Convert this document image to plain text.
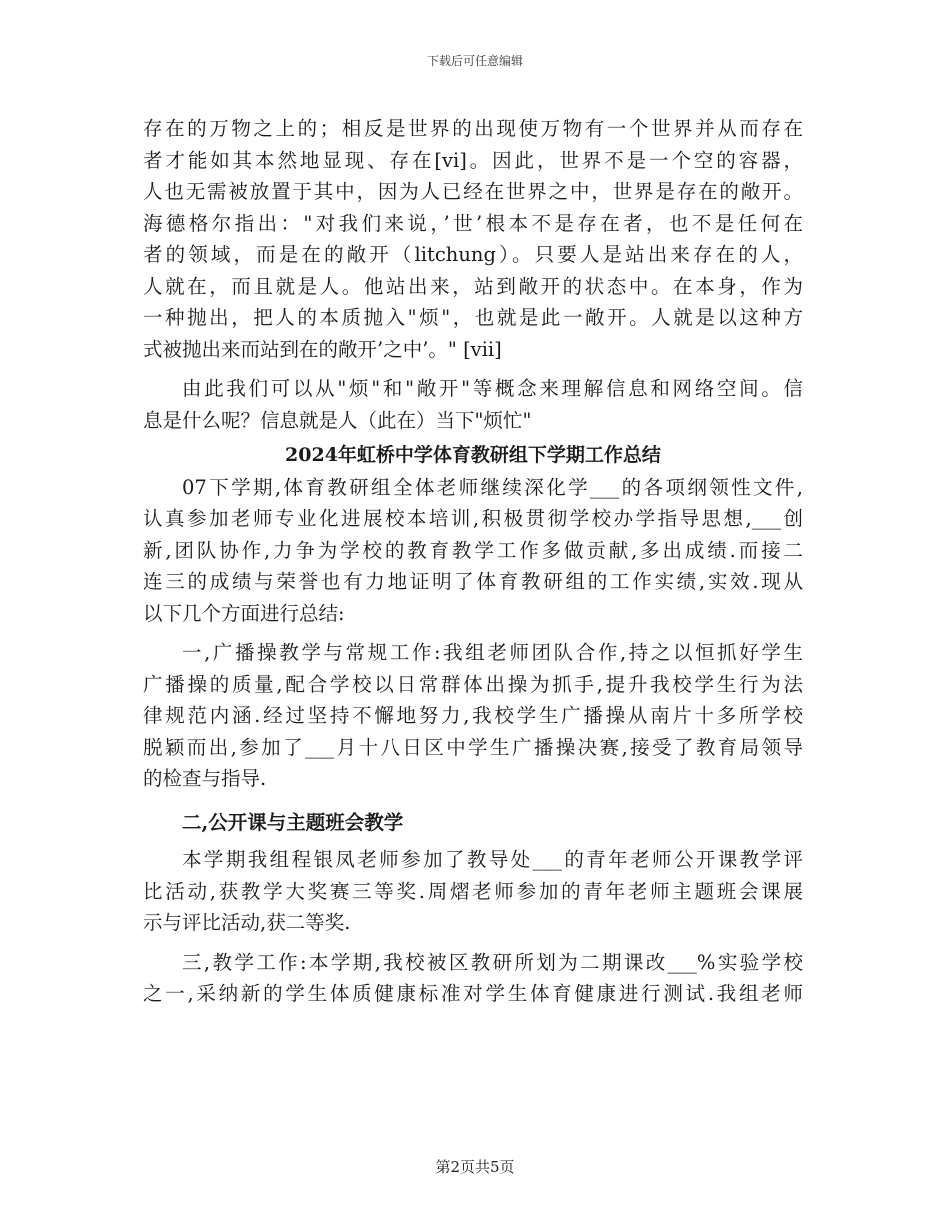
下载后可任意编辑
存在的万物之上的；相反是世界的出现使万物有一个世界并从而存在
者才能如其本然地显现、存在[vi]。因此，世界不是一个空的容器，
人也无需被放置于其中，因为人已经在世界之中，世界是存在的敞开。
海德格尔指出："对我们来说，’世’根本不是存在者，也不是任何在
者的领域，而是在的敞开（litchung）。只要人是站出来存在的人，
人就在，而且就是人。他站出来，站到敞开的状态中。在本身，作为
一种抛出，把人的本质抛入"烦"，也就是此一敞开。人就是以这种方
式被抛出来而站到在的敞开’之中’。" [vii]
由此我们可以从"烦"和"敞开"等概念来理解信息和网络空间。信
息是什么呢？信息就是人（此在）当下"烦忙"
2024年虹桥中学体育教研组下学期工作总结
07下学期,体育教研组全体老师继续深化学___的各项纲领性文件,
认真参加老师专业化进展校本培训,积极贯彻学校办学指导思想,___创
新,团队协作,力争为学校的教育教学工作多做贡献,多出成绩.而接二
连三的成绩与荣誉也有力地证明了体育教研组的工作实绩,实效.现从
以下几个方面进行总结:
一,广播操教学与常规工作:我组老师团队合作,持之以恒抓好学生
广播操的质量,配合学校以日常群体出操为抓手,提升我校学生行为法
律规范内涵.经过坚持不懈地努力,我校学生广播操从南片十多所学校
脱颖而出,参加了___月十八日区中学生广播操决赛,接受了教育局领导
的检查与指导.
二,公开课与主题班会教学
本学期我组程银凤老师参加了教导处___的青年老师公开课教学评
比活动,获教学大奖赛三等奖.周熠老师参加的青年老师主题班会课展
示与评比活动,获二等奖.
三,教学工作:本学期,我校被区教研所划为二期课改___%实验学校
之一,采纳新的学生体质健康标准对学生体育健康进行测试.我组老师
第2页共5页
